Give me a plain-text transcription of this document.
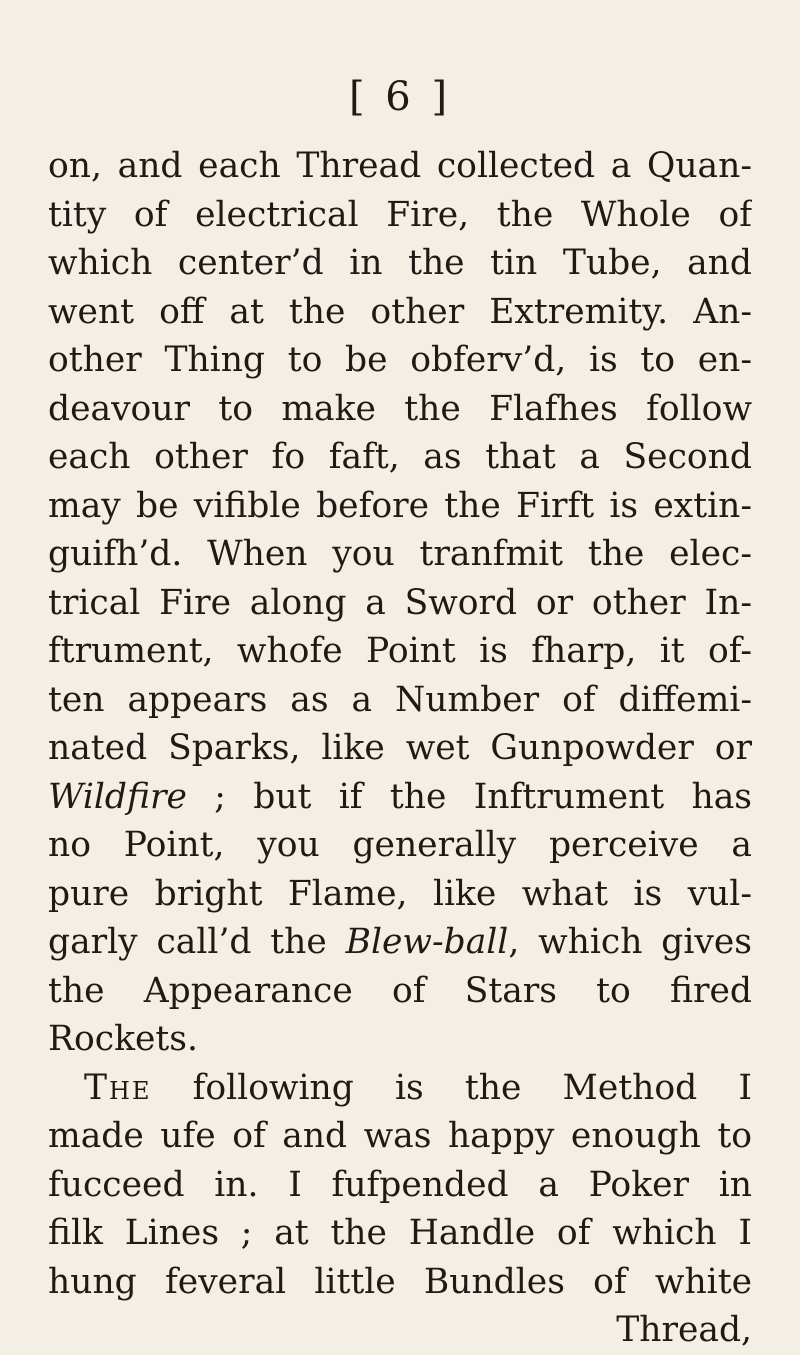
[ 6 ]
on, and each Thread collected a Quan-
tity of electrical Fire, the Whole of
which center’d in the tin Tube, and
went off at the other Extremity. An-
other Thing to be obferv’d, is to en-
deavour to make the Flafhes follow
each other fo faft, as that a Second
may be vifible before the Firft is extin-
guifh’d. When you tranfmit the elec-
trical Fire along a Sword or other In-
ftrument, whofe Point is fharp, it of-
ten appears as a Number of diffemi-
nated Sparks, like wet Gunpowder or
Wildfire ; but if the Inftrument has
no Point, you generally perceive a
pure bright Flame, like what is vul-
garly call’d the Blew-ball, which gives
the Appearance of Stars to fired
Rockets.
The following is the Method I
made ufe of and was happy enough to
fucceed in. I fufpended a Poker in
filk Lines ; at the Handle of which I
hung feveral little Bundles of white
Thread,
